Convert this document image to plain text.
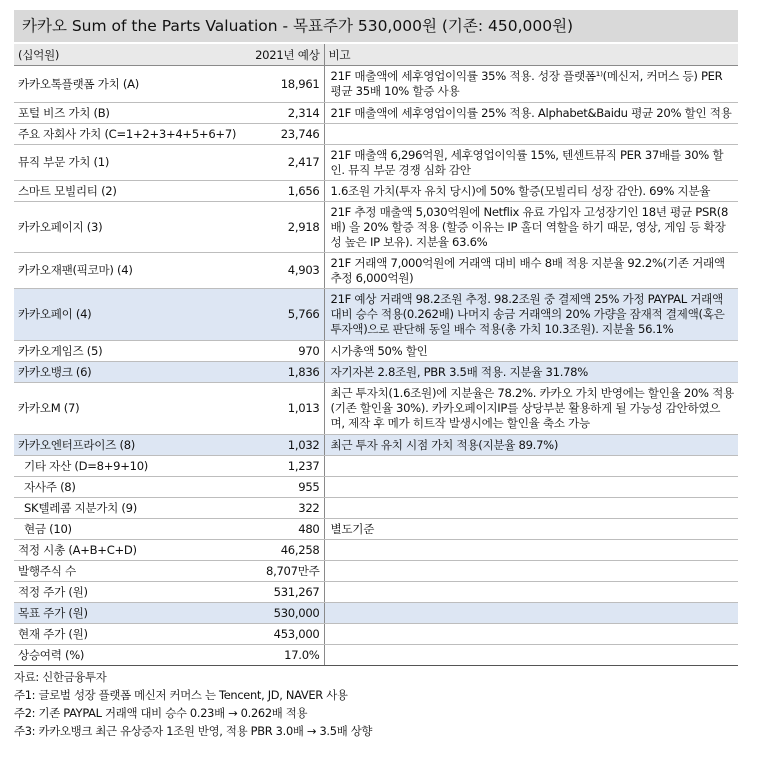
카카오 Sum of the Parts Valuation - 목표주가 530,000원 (기존: 450,000원)
(십억원)	2021년 예상	비고
카카오톡플랫폼 가치 (A)	18,961	21F 매출액에 세후영업이익률 35% 적용. 성장 플랫폼¹⁾(메신저, 커머스 등) PER 평균 35배 10% 할증 사용
포털 비즈 가치 (B)	2,314	21F 매출액에 세후영업이익률 25% 적용. Alphabet&Baidu 평균 20% 할인 적용
주요 자회사 가치 (C=1+2+3+4+5+6+7)	23,746	
뮤직 부문 가치 (1)	2,417	21F 매출액 6,296억원, 세후영업이익률 15%, 텐센트뮤직 PER 37배를 30% 할인. 뮤직 부문 경쟁 심화 감안
스마트 모빌리티 (2)	1,656	1.6조원 가치(투자 유치 당시)에 50% 할증(모빌리티 성장 감안). 69% 지분율
카카오페이지 (3)	2,918	21F 추정 매출액 5,030억원에 Netflix 유료 가입자 고성장기인 18년 평균 PSR(8배) 을 20% 할증 적용 (할증 이유는 IP 홀더 역할을 하기 때문, 영상, 게임 등 확장성 높은 IP 보유). 지분율 63.6%
카카오재팬(픽코마) (4)	4,903	21F 거래액 7,000억원에 거래액 대비 배수 8배 적용 지분율 92.2%(기존 거래액 추정 6,000억원)
카카오페이 (4)	5,766	21F 예상 거래액 98.2조원 추정. 98.2조원 중 결제액 25% 가정 PAYPAL 거래액 대비 승수 적용(0.262배) 나머지 송금 거래액의 20% 가량을 잠재적 결제액(혹은 투자액)으로 판단해 동일 배수 적용(총 가치 10.3조원). 지분율 56.1%
카카오게임즈 (5)	970	시가총액 50% 할인
카카오뱅크 (6)	1,836	자기자본 2.8조원, PBR 3.5배 적용. 지분율 31.78%
카카오M (7)	1,013	최근 투자치(1.6조원)에 지분율은 78.2%. 카카오 가치 반영에는 할인율 20% 적용(기존 할인율 30%). 카카오페이지IP를 상당부분 활용하게 될 가능성 감안하였으며, 제작 후 메가 히트작 발생시에는 할인율 축소 가능
카카오엔터프라이즈 (8)	1,032	최근 투자 유치 시점 가치 적용(지분율 89.7%)
기타 자산 (D=8+9+10)	1,237	
자사주 (8)	955	
SK텔레콤 지분가치 (9)	322	
현금 (10)	480	별도기준
적정 시총 (A+B+C+D)	46,258	
발행주식 수	8,707만주	
적정 주가 (원)	531,267	
목표 주가 (원)	530,000	
현재 주가 (원)	453,000	
상승여력 (%)	17.0%	
자료: 신한금융투자
주1: 글로벌 성장 플랫폼 메신저 커머스 는 Tencent, JD, NAVER 사용
주2: 기존 PAYPAL 거래액 대비 승수 0.23배 → 0.262배 적용
주3: 카카오뱅크 최근 유상증자 1조원 반영, 적용 PBR 3.0배 → 3.5배 상향
